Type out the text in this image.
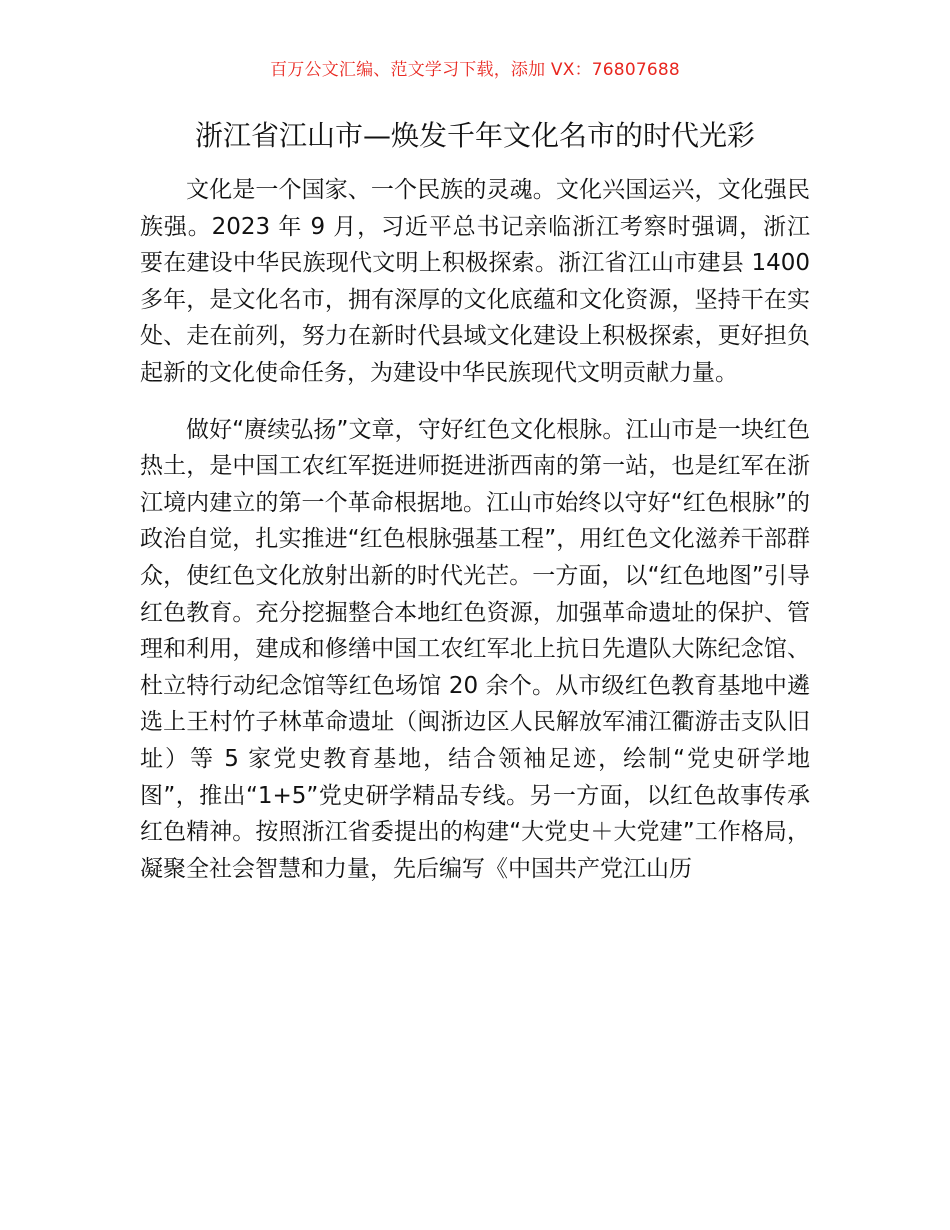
百万公文汇编、范文学习下载，添加 VX：76807688
浙江省江山市—焕发千年文化名市的时代光彩

文化是一个国家、一个民族的灵魂。文化兴国运兴，文化强民族强。2023 年 9 月，习近平总书记亲临浙江考察时强调，浙江要在建设中华民族现代文明上积极探索。浙江省江山市建县 1400 多年，是文化名市，拥有深厚的文化底蕴和文化资源，坚持干在实处、走在前列，努力在新时代县域文化建设上积极探索，更好担负起新的文化使命任务，为建设中华民族现代文明贡献力量。

做好“赓续弘扬”文章，守好红色文化根脉。江山市是一块红色热土，是中国工农红军挺进师挺进浙西南的第一站，也是红军在浙江境内建立的第一个革命根据地。江山市始终以守好“红色根脉”的政治自觉，扎实推进“红色根脉强基工程”，用红色文化滋养干部群众，使红色文化放射出新的时代光芒。一方面，以“红色地图”引导红色教育。充分挖掘整合本地红色资源，加强革命遗址的保护、管理和利用，建成和修缮中国工农红军北上抗日先遣队大陈纪念馆、杜立特行动纪念馆等红色场馆 20 余个。从市级红色教育基地中遴选上王村竹子林革命遗址（闽浙边区人民解放军浦江衢游击支队旧址）等 5 家党史教育基地，结合领袖足迹，绘制“党史研学地图”，推出“1+5”党史研学精品专线。另一方面，以红色故事传承红色精神。按照浙江省委提出的构建“大党史＋大党建”工作格局，凝聚全社会智慧和力量，先后编写《中国共产党江山历
